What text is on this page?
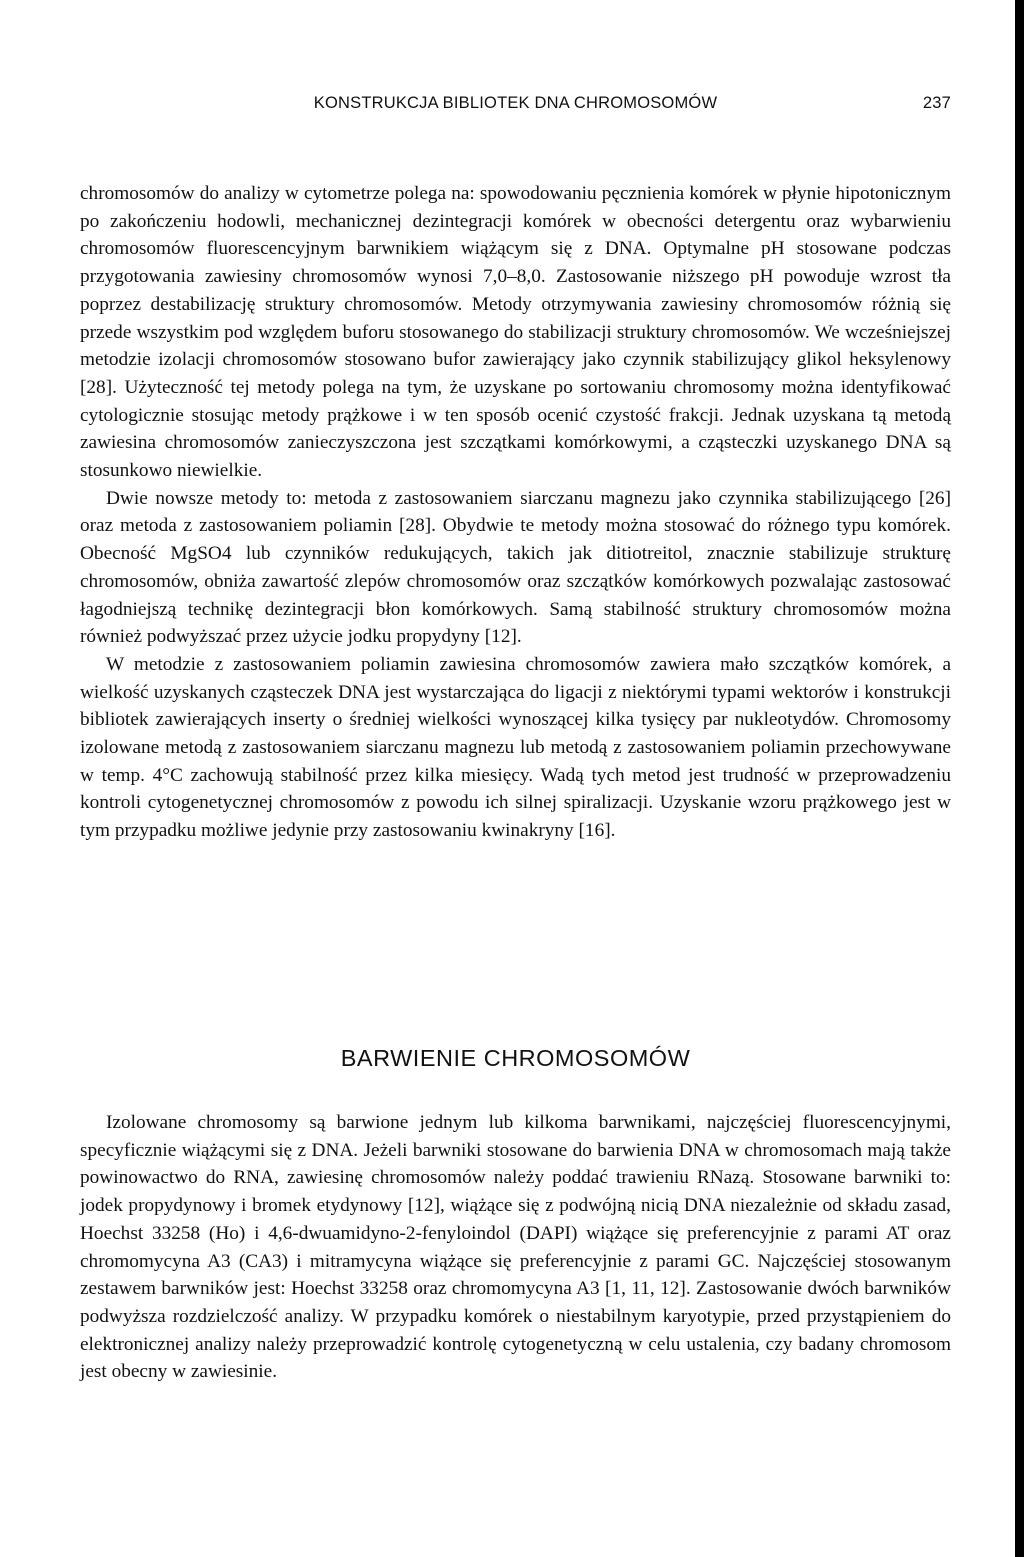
KONSTRUKCJA BIBLIOTEK DNA CHROMOSOMÓW	237

chromosomów do analizy w cytometrze polega na: spowodowaniu pęcznienia komórek w płynie hipotonicznym po zakończeniu hodowli, mechanicznej dezintegracji komórek w obecności detergentu oraz wybarwieniu chromosomów fluorescencyjnym barwnikiem wiążącym się z DNA. Optymalne pH stosowane podczas przygotowania zawiesiny chromosomów wynosi 7,0–8,0. Zastosowanie niższego pH powoduje wzrost tła poprzez destabilizację struktury chromosomów. Metody otrzymywania zawiesiny chromosomów różnią się przede wszystkim pod względem buforu stosowanego do stabilizacji struktury chromosomów. We wcześniejszej metodzie izolacji chromosomów stosowano bufor zawierający jako czynnik stabilizujący glikol heksylenowy [28]. Użyteczność tej metody polega na tym, że uzyskane po sortowaniu chromosomy można identyfikować cytologicznie stosując metody prążkowe i w ten sposób ocenić czystość frakcji. Jednak uzyskana tą metodą zawiesina chromosomów zanieczyszczona jest szczątkami komórkowymi, a cząsteczki uzyskanego DNA są stosunkowo niewielkie.

Dwie nowsze metody to: metoda z zastosowaniem siarczanu magnezu jako czynnika stabilizującego [26] oraz metoda z zastosowaniem poliamin [28]. Obydwie te metody można stosować do różnego typu komórek. Obecność MgSO4 lub czynników redukujących, takich jak ditiotreitol, znacznie stabilizuje strukturę chromosomów, obniża zawartość zlepów chromosomów oraz szczątków komórkowych pozwalając zastosować łagodniejszą technikę dezintegracji błon komórkowych. Samą stabilność struktury chromosomów można również podwyższać przez użycie jodku propydyny [12].

W metodzie z zastosowaniem poliamin zawiesina chromosomów zawiera mało szczątków komórek, a wielkość uzyskanych cząsteczek DNA jest wystarczająca do ligacji z niektórymi typami wektorów i konstrukcji bibliotek zawierających inserty o średniej wielkości wynoszącej kilka tysięcy par nukleotydów. Chromosomy izolowane metodą z zastosowaniem siarczanu magnezu lub metodą z zastosowaniem poliamin przechowywane w temp. 4°C zachowują stabilność przez kilka miesięcy. Wadą tych metod jest trudność w przeprowadzeniu kontroli cytogenetycznej chromosomów z powodu ich silnej spiralizacji. Uzyskanie wzoru prążkowego jest w tym przypadku możliwe jedynie przy zastosowaniu kwinakryny [16].

BARWIENIE CHROMOSOMÓW

Izolowane chromosomy są barwione jednym lub kilkoma barwnikami, najczęściej fluorescencyjnymi, specyficznie wiążącymi się z DNA. Jeżeli barwniki stosowane do barwienia DNA w chromosomach mają także powinowactwo do RNA, zawiesinę chromosomów należy poddać trawieniu RNazą. Stosowane barwniki to: jodek propydynowy i bromek etydynowy [12], wiążące się z podwójną nicią DNA niezależnie od składu zasad, Hoechst 33258 (Ho) i 4,6-dwuamidyno-2-fenyloindol (DAPI) wiążące się preferencyjnie z parami AT oraz chromomycyna A3 (CA3) i mitramycyna wiążące się preferencyjnie z parami GC. Najczęściej stosowanym zestawem barwników jest: Hoechst 33258 oraz chromomycyna A3 [1, 11, 12]. Zastosowanie dwóch barwników podwyższa rozdzielczość analizy. W przypadku komórek o niestabilnym karyotypie, przed przystąpieniem do elektronicznej analizy należy przeprowadzić kontrolę cytogenetyczną w celu ustalenia, czy badany chromosom jest obecny w zawiesinie.
